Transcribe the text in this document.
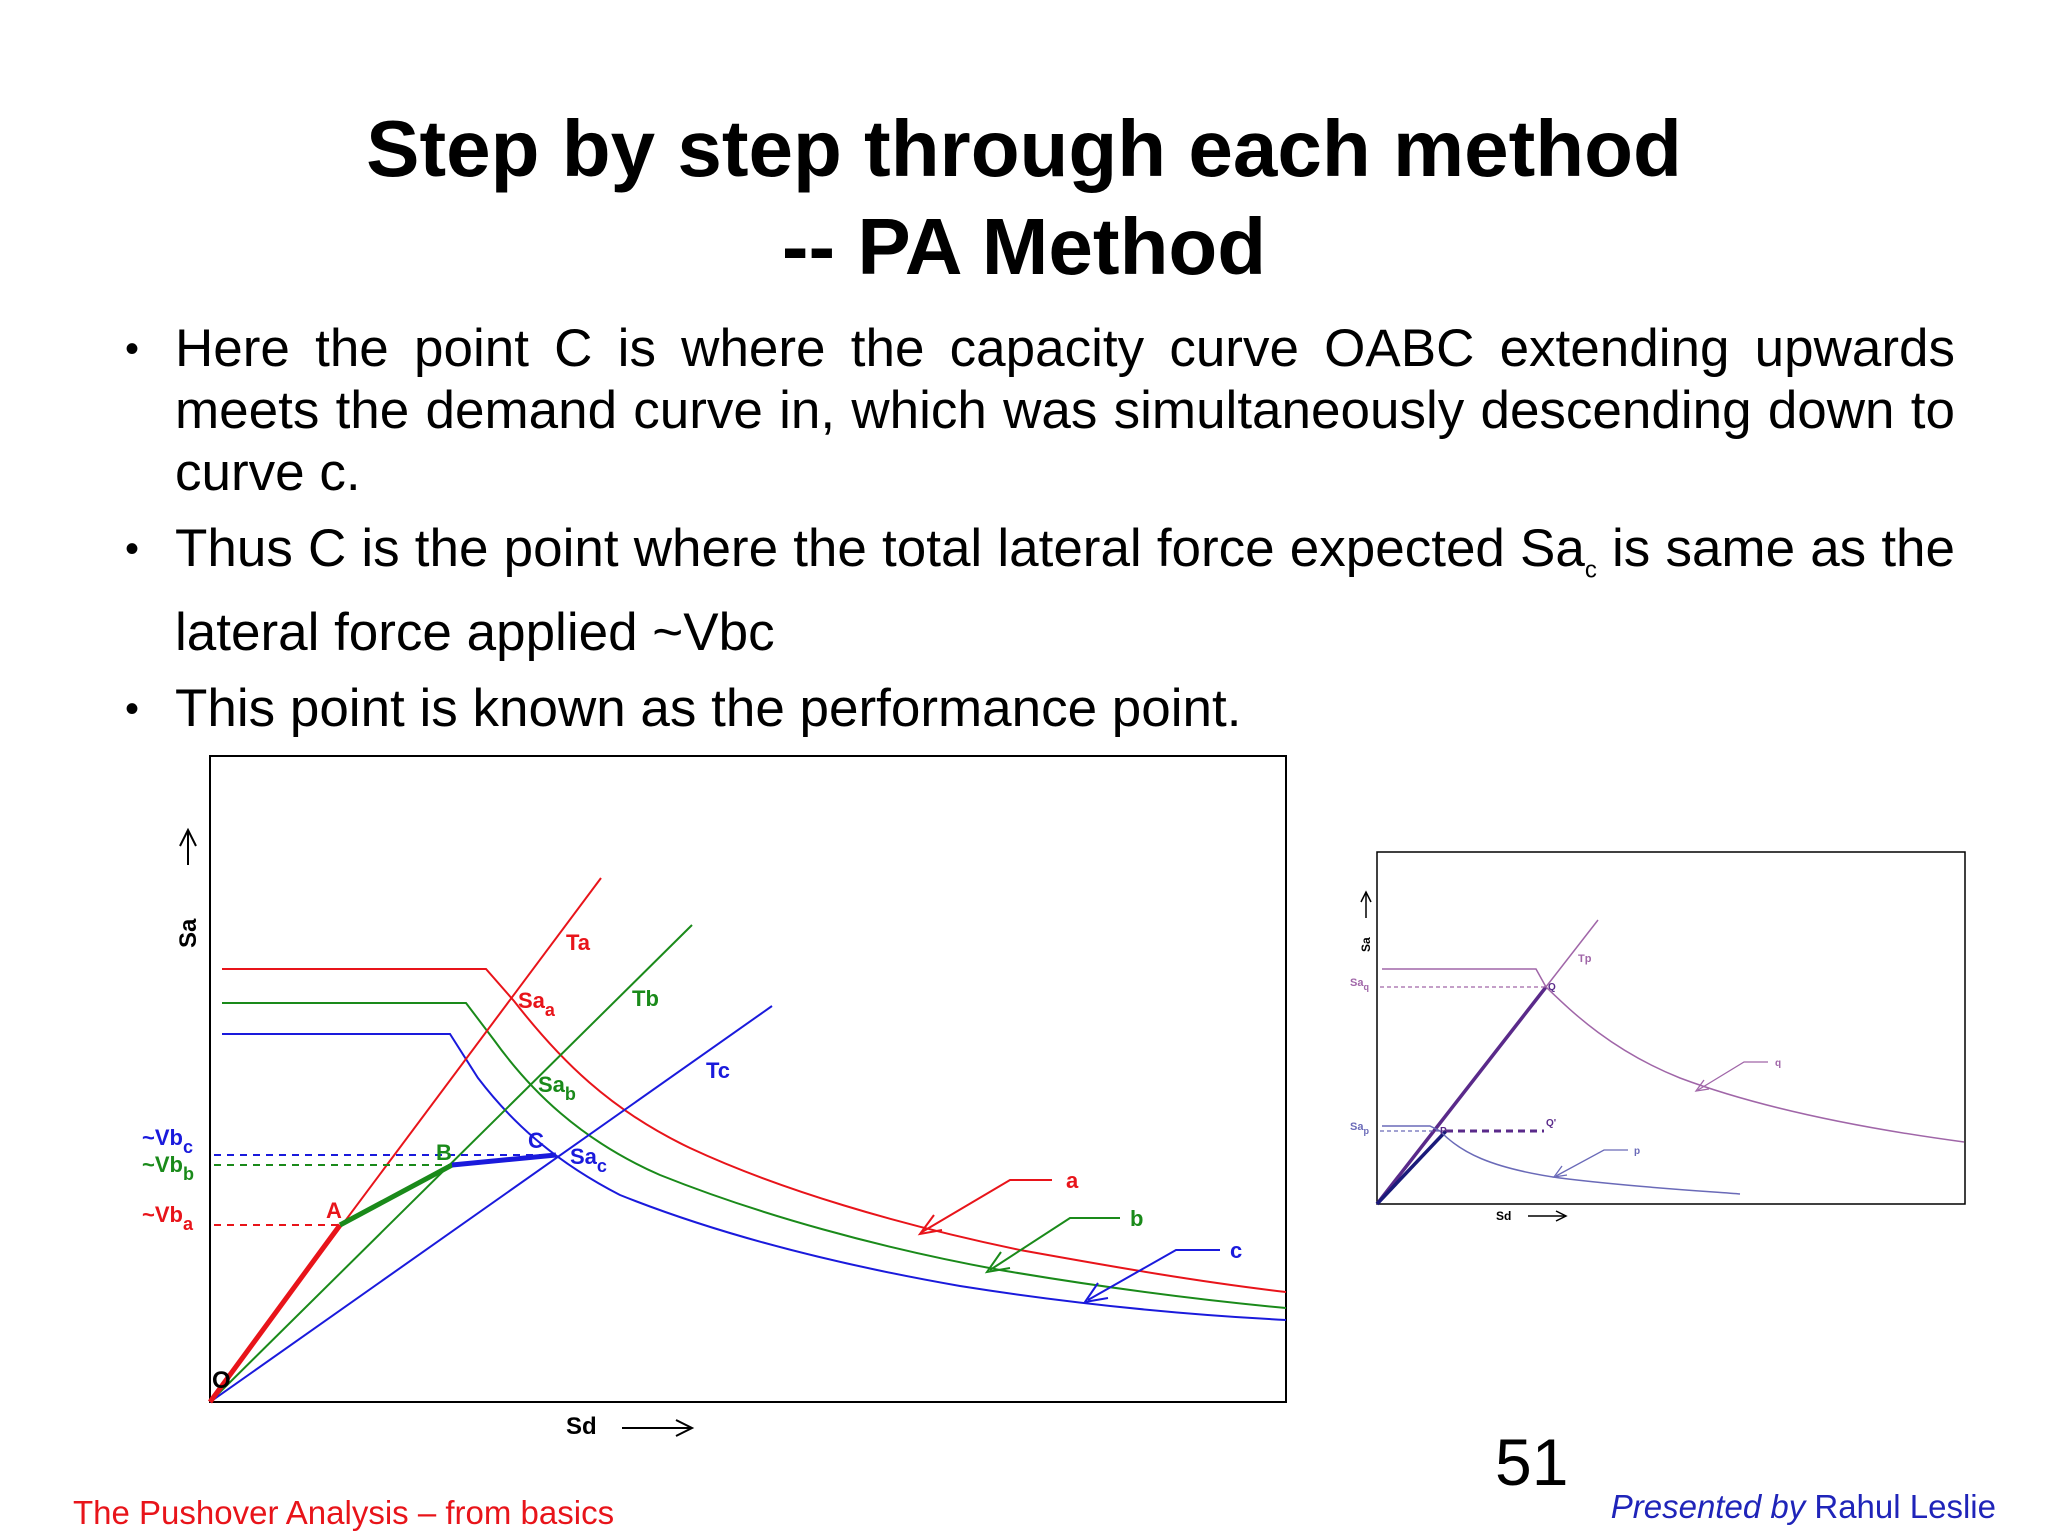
Step by step through each method
-- PA Method
• Here the point C is where the capacity curve OABC extending upwards meets the demand curve in, which was simultaneously descending down to curve c.
• Thus C is the point where the total lateral force expected $Sa_c$ is same as the lateral force applied ~Vbc
• This point is known as the performance point.
Sa
Sd
O
A
B	C
Ta
Tb
Tc
$Sa_a$
$Sa_b$
$Sa_c$
$\sim Vb_c$
$\sim Vb_b$
$\sim Vb_a$
a
b
c
Sa
Sd
Tp
$Sa_q$
$Sa_p$
Q
P
Q'
q
p
51
The Pushover Analysis – from basics	Presented by Rahul Leslie
